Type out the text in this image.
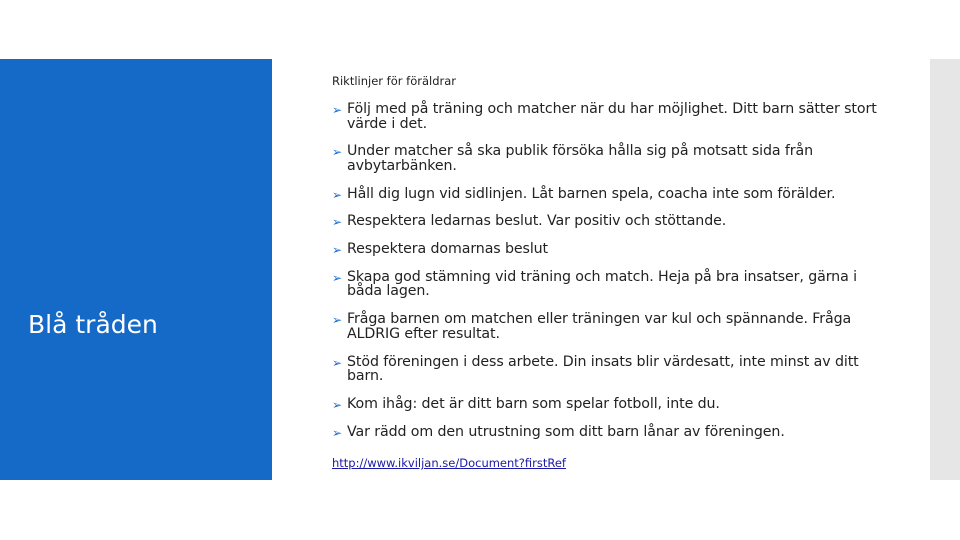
Blå tråden
Riktlinjer för föräldrar
➢ Följ med på träning och matcher när du har möjlighet. Ditt barn sätter stort värde i det.
➢ Under matcher så ska publik försöka hålla sig på motsatt sida från avbytarbänken.
➢ Håll dig lugn vid sidlinjen. Låt barnen spela, coacha inte som förälder.
➢ Respektera ledarnas beslut. Var positiv och stöttande.
➢ Respektera domarnas beslut
➢ Skapa god stämning vid träning och match. Heja på bra insatser, gärna i båda lagen.
➢ Fråga barnen om matchen eller träningen var kul och spännande. Fråga ALDRIG efter resultat.
➢ Stöd föreningen i dess arbete. Din insats blir värdesatt, inte minst av ditt barn.
➢ Kom ihåg: det är ditt barn som spelar fotboll, inte du.
➢ Var rädd om den utrustning som ditt barn lånar av föreningen.
http://www.ikviljan.se/Document?firstRef
